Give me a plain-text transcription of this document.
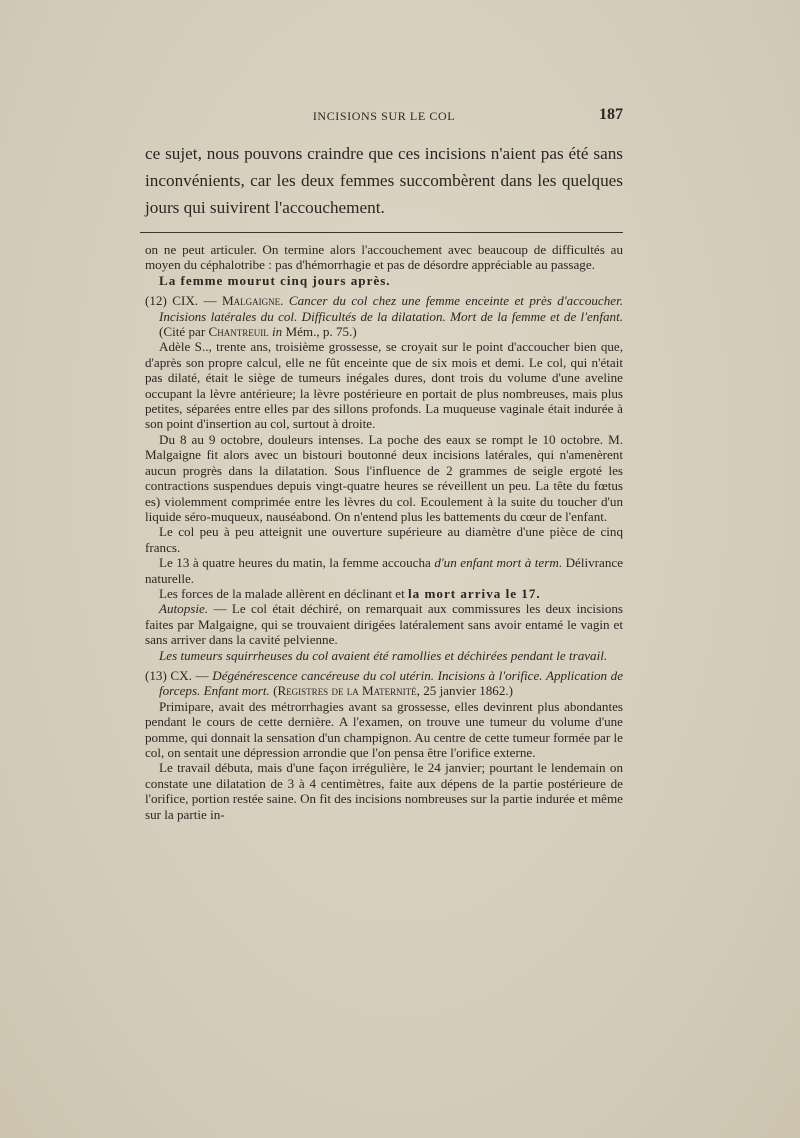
INCISIONS SUR LE COL	187

ce sujet, nous pouvons craindre que ces incisions n'aient pas été sans inconvénients, car les deux femmes succombèrent dans les quelques jours qui suivirent l'accouchement.

on ne peut articuler. On termine alors l'accouchement avec beaucoup de difficultés au moyen du céphalotribe : pas d'hémorrhagie et pas de désordre appréciable au passage.

La femme mourut cinq jours après.

(12) CIX. — Malgaigne. Cancer du col chez une femme enceinte et près d'accoucher. Incisions latérales du col. Difficultés de la dilatation. Mort de la femme et de l'enfant. (Cité par Chantreuil in Mém., p. 75.)

Adèle S.., trente ans, troisième grossesse, se croyait sur le point d'accoucher bien que, d'après son propre calcul, elle ne fût enceinte que de six mois et demi. Le col, qui n'était pas dilaté, était le siège de tumeurs inégales dures, dont trois du volume d'une aveline occupant la lèvre antérieure; la lèvre postérieure en portait de plus nombreuses, mais plus petites, séparées entre elles par des sillons profonds. La muqueuse vaginale était indurée à son point d'insertion au col, surtout à droite.

Du 8 au 9 octobre, douleurs intenses. La poche des eaux se rompt le 10 octobre. M. Malgaigne fit alors avec un bistouri boutonné deux incisions latérales, qui n'amenèrent aucun progrès dans la dilatation. Sous l'influence de 2 grammes de seigle ergoté les contractions suspendues depuis vingt-quatre heures se réveillent un peu. La tête du fœtus es) violemment comprimée entre les lèvres du col. Ecoulement à la suite du toucher d'un liquide séro-muqueux, nauséabond. On n'entend plus les battements du cœur de l'enfant.

Le col peu à peu atteignit une ouverture supérieure au diamètre d'une pièce de cinq francs.

Le 13 à quatre heures du matin, la femme accoucha d'un enfant mort à term. Délivrance naturelle.

Les forces de la malade allèrent en déclinant et la mort arriva le 17.

Autopsie. — Le col était déchiré, on remarquait aux commissures les deux incisions faites par Malgaigne, qui se trouvaient dirigées latéralement sans avoir entamé le vagin et sans arriver dans la cavité pelvienne.

Les tumeurs squirrheuses du col avaient été ramollies et déchirées pendant le travail.

(13) CX. — Dégénérescence cancéreuse du col utérin. Incisions à l'orifice. Application de forceps. Enfant mort. (Registres de la Maternité, 25 janvier 1862.)

Primipare, avait des métrorrhagies avant sa grossesse, elles devinrent plus abondantes pendant le cours de cette dernière. A l'examen, on trouve une tumeur du volume d'une pomme, qui donnait la sensation d'un champignon. Au centre de cette tumeur formée par le col, on sentait une dépression arrondie que l'on pensa être l'orifice externe.

Le travail débuta, mais d'une façon irrégulière, le 24 janvier; pourtant le lendemain on constate une dilatation de 3 à 4 centimètres, faite aux dépens de la partie postérieure de l'orifice, portion restée saine. On fit des incisions nombreuses sur la partie indurée et même sur la partie in-
